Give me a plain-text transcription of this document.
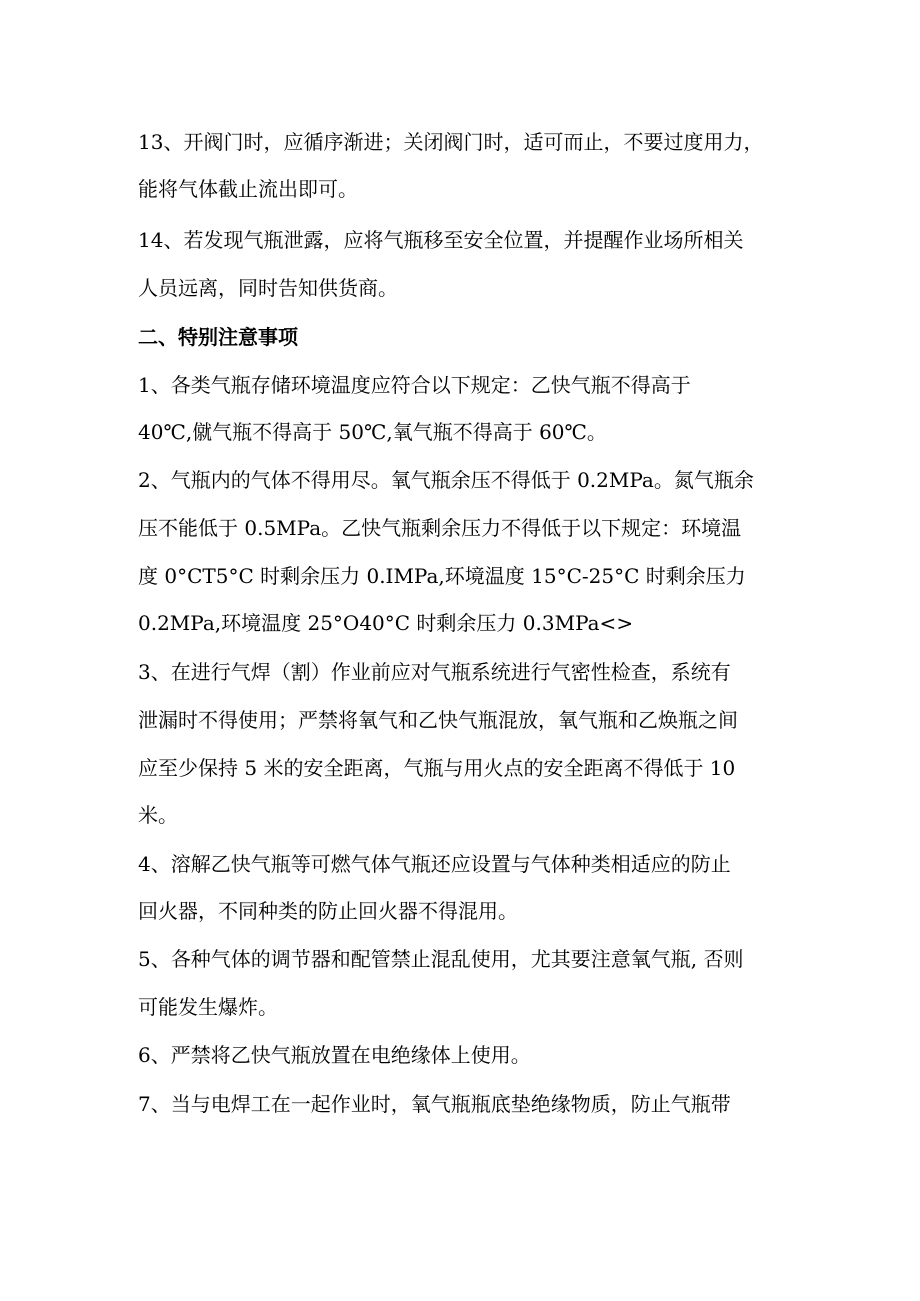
13、开阀门时，应循序渐进；关闭阀门时，适可而止，不要过度用力，
能将气体截止流出即可。
14、若发现气瓶泄露，应将气瓶移至安全位置，并提醒作业场所相关
人员远离，同时告知供货商。
二、特别注意事项
1、各类气瓶存储环境温度应符合以下规定：乙快气瓶不得高于
40℃,僦气瓶不得高于 50℃,氧气瓶不得高于 60℃。
2、气瓶内的气体不得用尽。氧气瓶余压不得低于 0.2MPa。氮气瓶余
压不能低于 0.5MPa。乙快气瓶剩余压力不得低于以下规定：环境温
度 0°CT5°C 时剩余压力 0.IMPa,环境温度 15°C-25°C 时剩余压力
0.2MPa,环境温度 25°O40°C 时剩余压力 0.3MPa<>
3、在进行气焊（割）作业前应对气瓶系统进行气密性检查，系统有
泄漏时不得使用；严禁将氧气和乙快气瓶混放，氧气瓶和乙焕瓶之间
应至少保持 5 米的安全距离，气瓶与用火点的安全距离不得低于 10
米。
4、溶解乙快气瓶等可燃气体气瓶还应设置与气体种类相适应的防止
回火器，不同种类的防止回火器不得混用。
5、各种气体的调节器和配管禁止混乱使用，尤其要注意氧气瓶, 否则
可能发生爆炸。
6、严禁将乙快气瓶放置在电绝缘体上使用。
7、当与电焊工在一起作业时，氧气瓶瓶底垫绝缘物质，防止气瓶带
